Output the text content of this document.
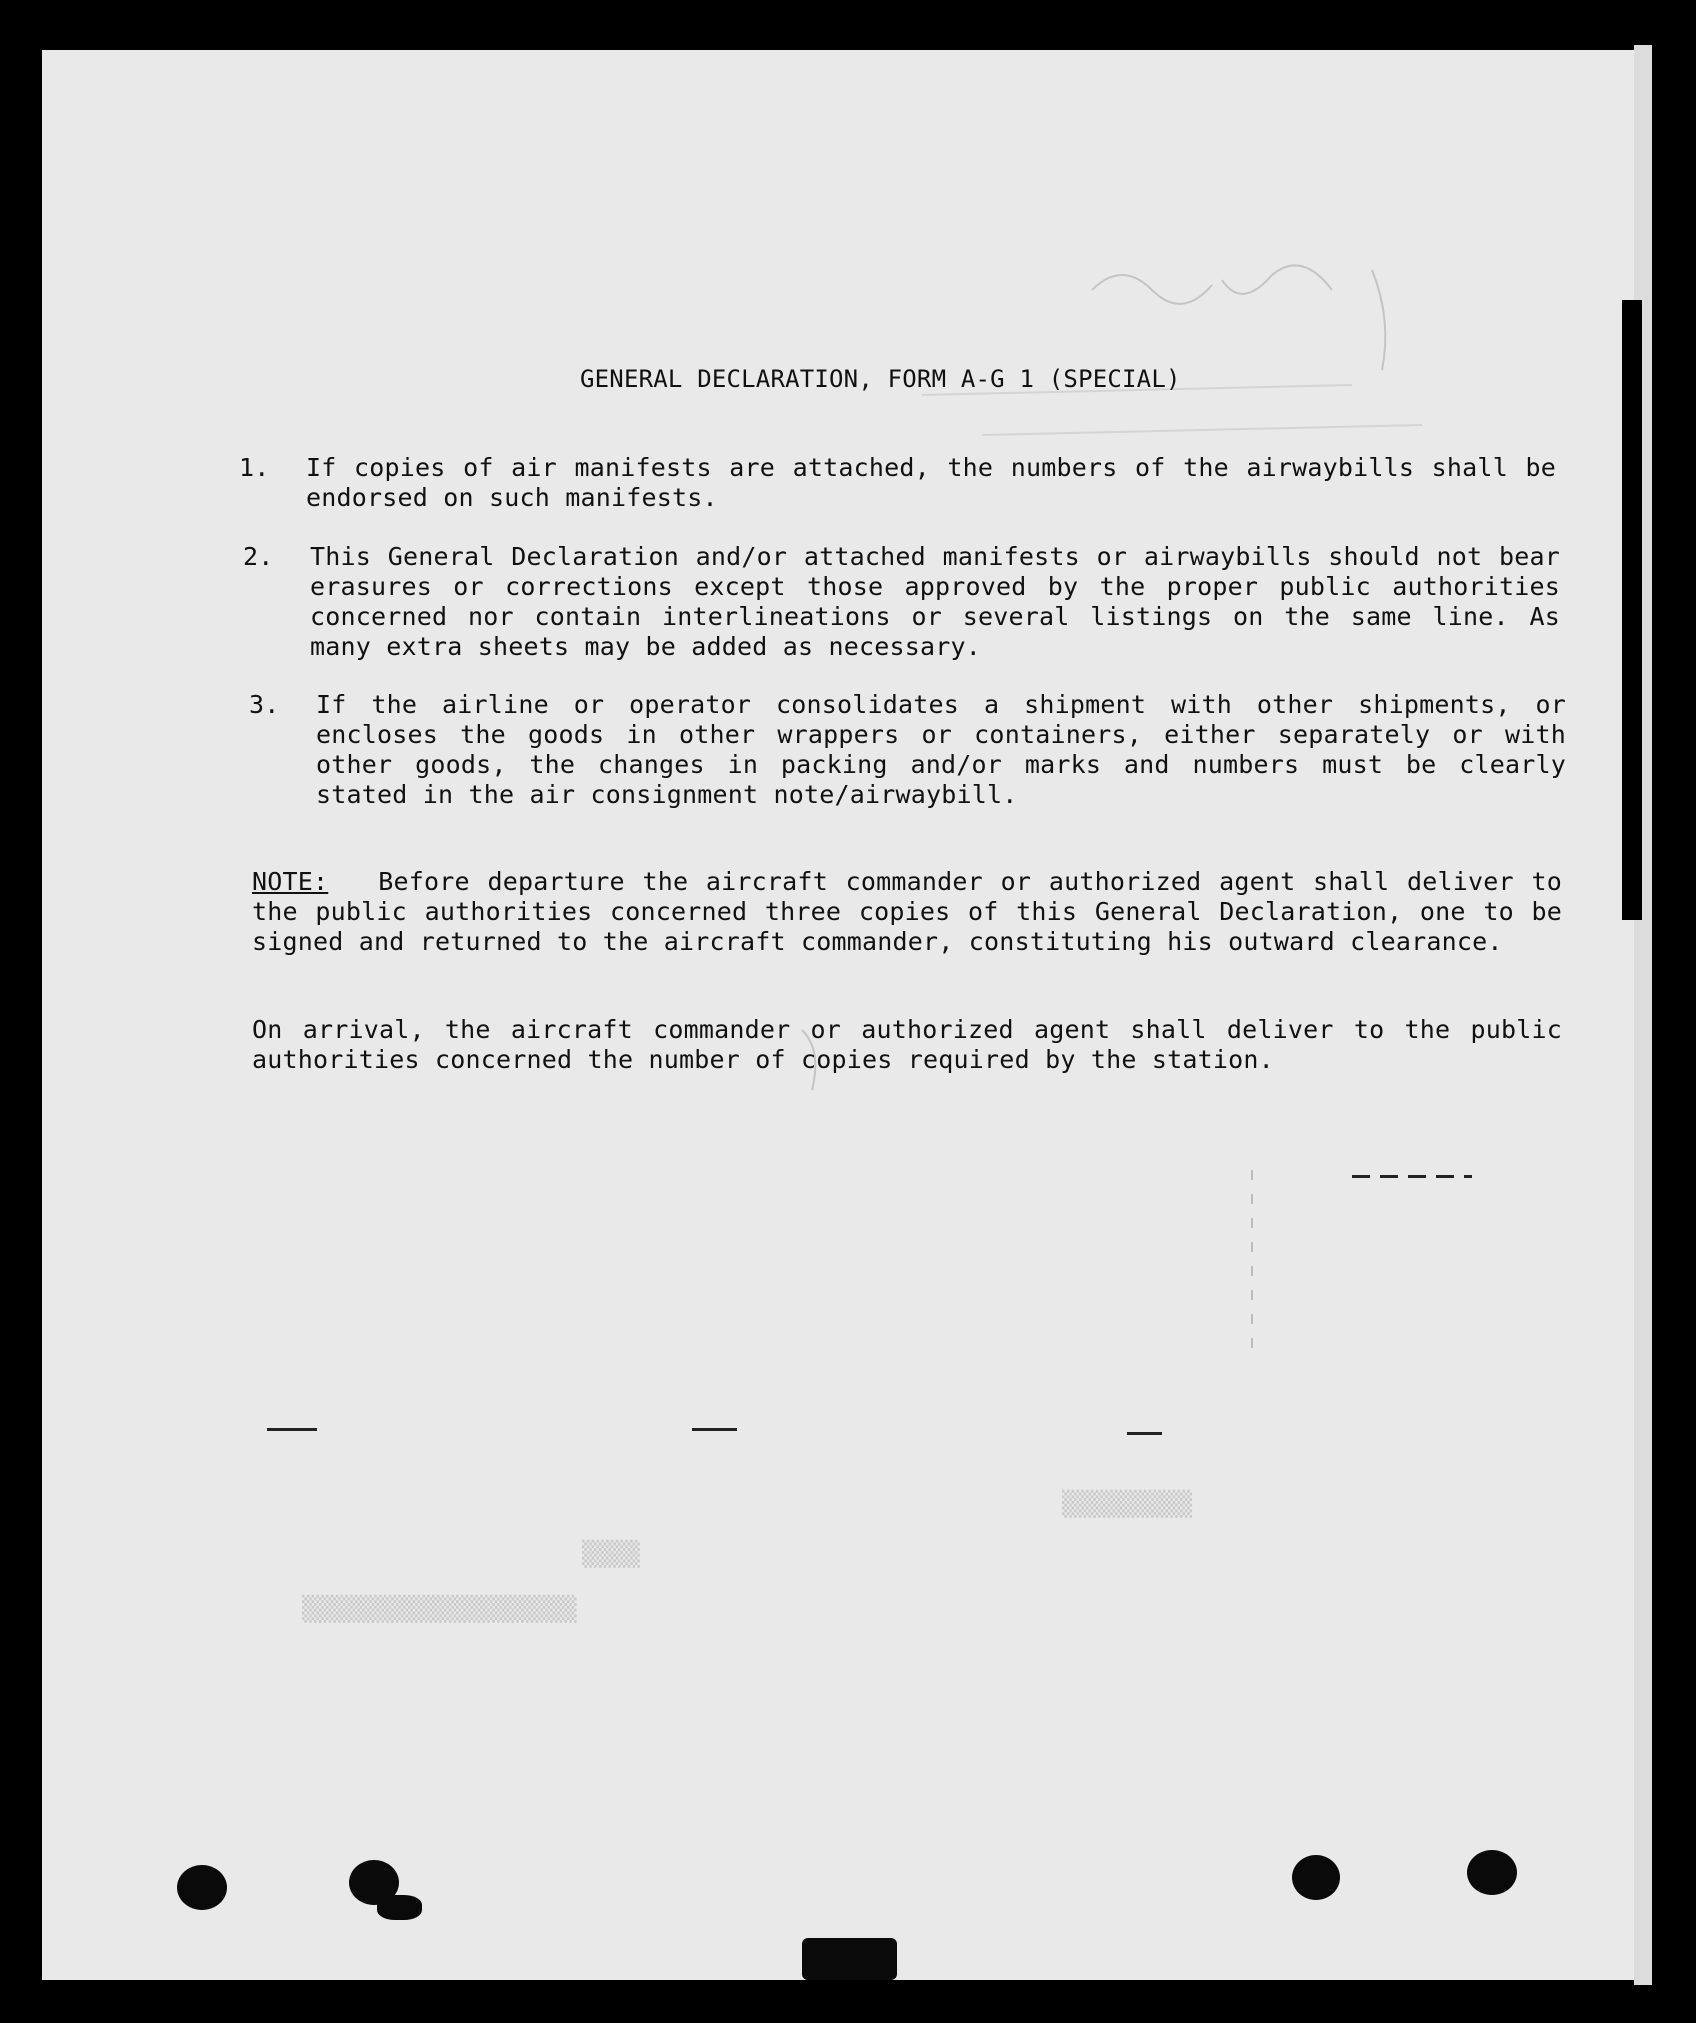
▒▒▒▒▒▒▒▒▒
▒▒▒▒
▒▒▒▒▒▒▒▒▒▒▒▒▒▒▒▒▒▒▒
GENERAL DECLARATION, FORM A-G 1 (SPECIAL)
1. If copies of air manifests are attached, the numbers of the airwaybills shall be endorsed on such manifests.
2. This General Declaration and/or attached manifests or airwaybills should not bear erasures or corrections except those approved by the proper public authorities concerned nor contain interlineations or several listings on the same line. As many extra sheets may be added as necessary.
3. If the airline or operator consolidates a shipment with other shipments, or encloses the goods in other wrappers or containers, either separately or with other goods, the changes in packing and/or marks and numbers must be clearly stated in the air consignment note/airwaybill.
NOTE: Before departure the aircraft commander or authorized agent shall deliver to the public authorities concerned three copies of this General Declaration, one to be signed and returned to the aircraft commander, constituting his outward clearance.
On arrival, the aircraft commander or authorized agent shall deliver to the public authorities concerned the number of copies required by the station.
